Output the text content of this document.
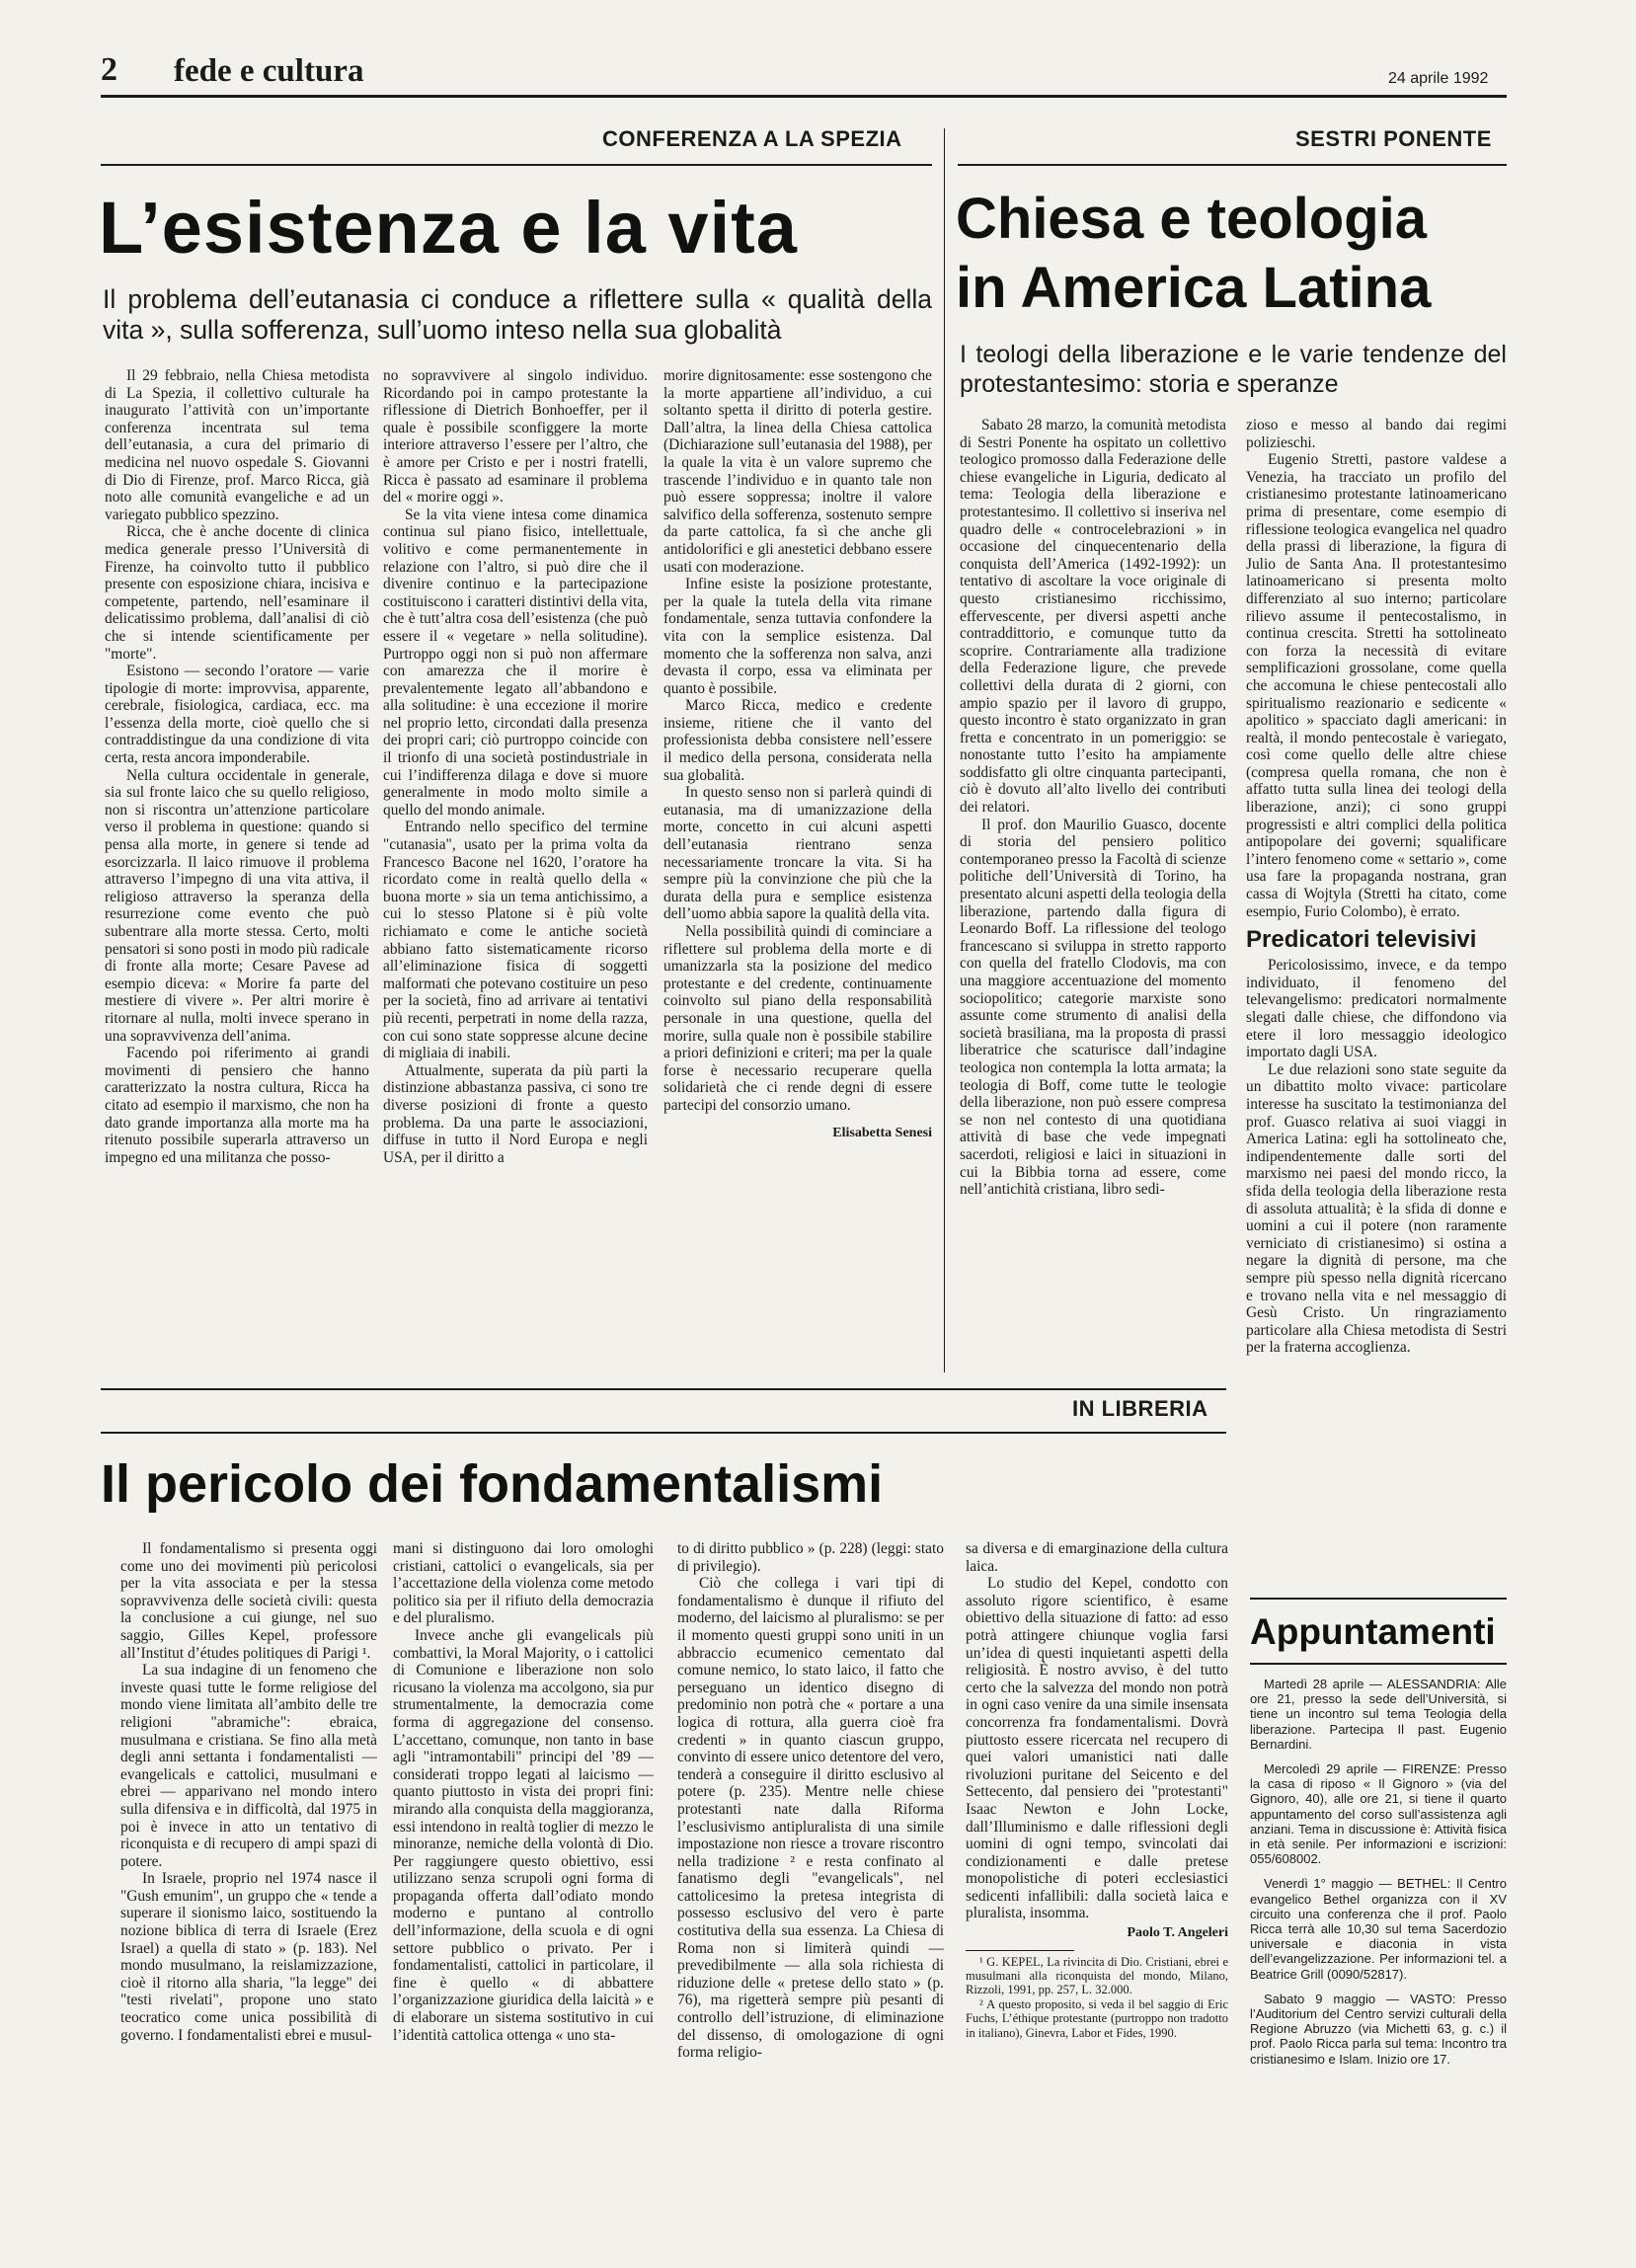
2 fede e cultura	24 aprile 1992
CONFERENZA A LA SPEZIA
L’esistenza e la vita
Il problema dell’eutanasia ci conduce a riflettere sulla « qualità della vita », sulla sofferenza, sull’uomo inteso nella sua globalità

Il 29 febbraio, nella Chiesa metodista di La Spezia, il collettivo culturale ha inaugurato l’attività con un’importante conferenza incentrata sul tema dell’eutanasia, a cura del primario di medicina nel nuovo ospedale S. Giovanni di Dio di Firenze, prof. Marco Ricca, già noto alle comunità evangeliche e ad un variegato pubblico spezzino.

Ricca, che è anche docente di clinica medica generale presso l’Università di Firenze, ha coinvolto tutto il pubblico presente con esposizione chiara, incisiva e competente, partendo, nell’esaminare il delicatissimo problema, dall’analisi di ciò che si intende scientificamente per "morte".

Esistono — secondo l’oratore — varie tipologie di morte: improvvisa, apparente, cerebrale, fisiologica, cardiaca, ecc. ma l’essenza della morte, cioè quello che si contraddistingue da una condizione di vita certa, resta ancora imponderabile.

Nella cultura occidentale in generale, sia sul fronte laico che su quello religioso, non si riscontra un’attenzione particolare verso il problema in questione: quando si pensa alla morte, in genere si tende ad esorcizzarla. Il laico rimuove il problema attraverso l’impegno di una vita attiva, il religioso attraverso la speranza della resurrezione come evento che può subentrare alla morte stessa. Certo, molti pensatori si sono posti in modo più radicale di fronte alla morte; Cesare Pavese ad esempio diceva: « Morire fa parte del mestiere di vivere ». Per altri morire è ritornare al nulla, molti invece sperano in una sopravvivenza dell’anima.

Facendo poi riferimento ai grandi movimenti di pensiero che hanno caratterizzato la nostra cultura, Ricca ha citato ad esempio il marxismo, che non ha dato grande importanza alla morte ma ha ritenuto possibile superarla attraverso un impegno ed una militanza che posso-

no sopravvivere al singolo individuo. Ricordando poi in campo protestante la riflessione di Dietrich Bonhoeffer, per il quale è possibile sconfiggere la morte interiore attraverso l’essere per l’altro, che è amore per Cristo e per i nostri fratelli, Ricca è passato ad esaminare il problema del « morire oggi ».

Se la vita viene intesa come dinamica continua sul piano fisico, intellettuale, volitivo e come permanentemente in relazione con l’altro, si può dire che il divenire continuo e la partecipazione costituiscono i caratteri distintivi della vita, che è tutt’altra cosa dell’esistenza (che può essere il « vegetare » nella solitudine). Purtroppo oggi non si può non affermare con amarezza che il morire è prevalentemente legato all’abbandono e alla solitudine: è una eccezione il morire nel proprio letto, circondati dalla presenza dei propri cari; ciò purtroppo coincide con il trionfo di una società postindustriale in cui l’indifferenza dilaga e dove si muore generalmente in modo molto simile a quello del mondo animale.

Entrando nello specifico del termine "cutanasia", usato per la prima volta da Francesco Bacone nel 1620, l’oratore ha ricordato come in realtà quello della « buona morte » sia un tema antichissimo, a cui lo stesso Platone si è più volte richiamato e come le antiche società abbiano fatto sistematicamente ricorso all’eliminazione fisica di soggetti malformati che potevano costituire un peso per la società, fino ad arrivare ai tentativi più recenti, perpetrati in nome della razza, con cui sono state soppresse alcune decine di migliaia di inabili.

Attualmente, superata da più parti la distinzione abbastanza passiva, ci sono tre diverse posizioni di fronte a questo problema. Da una parte le associazioni, diffuse in tutto il Nord Europa e negli USA, per il diritto a

morire dignitosamente: esse sostengono che la morte appartiene all’individuo, a cui soltanto spetta il diritto di poterla gestire. Dall’altra, la linea della Chiesa cattolica (Dichiarazione sull’eutanasia del 1988), per la quale la vita è un valore supremo che trascende l’individuo e in quanto tale non può essere soppressa; inoltre il valore salvifico della sofferenza, sostenuto sempre da parte cattolica, fa sì che anche gli antidolorifici e gli anestetici debbano essere usati con moderazione.

Infine esiste la posizione protestante, per la quale la tutela della vita rimane fondamentale, senza tuttavia confondere la vita con la semplice esistenza. Dal momento che la sofferenza non salva, anzi devasta il corpo, essa va eliminata per quanto è possibile.

Marco Ricca, medico e credente insieme, ritiene che il vanto del professionista debba consistere nell’essere il medico della persona, considerata nella sua globalità.

In questo senso non si parlerà quindi di eutanasia, ma di umanizzazione della morte, concetto in cui alcuni aspetti dell’eutanasia rientrano senza necessariamente troncare la vita. Si ha sempre più la convinzione che più che la durata della pura e semplice esistenza dell’uomo abbia sapore la qualità della vita.

Nella possibilità quindi di cominciare a riflettere sul problema della morte e di umanizzarla sta la posizione del medico protestante e del credente, continuamente coinvolto sul piano della responsabilità personale in una questione, quella del morire, sulla quale non è possibile stabilire a priori definizioni e criteri; ma per la quale forse è necessario recuperare quella solidarietà che ci rende degni di essere partecipi del consorzio umano.

Elisabetta Senesi

SESTRI PONENTE
Chiesa e teologia
in America Latina
I teologi della liberazione e le varie tendenze del protestantesimo: storia e speranze

Sabato 28 marzo, la comunità metodista di Sestri Ponente ha ospitato un collettivo teologico promosso dalla Federazione delle chiese evangeliche in Liguria, dedicato al tema: Teologia della liberazione e protestantesimo. Il collettivo si inseriva nel quadro delle « controcelebrazioni » in occasione del cinquecentenario della conquista dell’America (1492-1992): un tentativo di ascoltare la voce originale di questo cristianesimo ricchissimo, effervescente, per diversi aspetti anche contraddittorio, e comunque tutto da scoprire. Contrariamente alla tradizione della Federazione ligure, che prevede collettivi della durata di 2 giorni, con ampio spazio per il lavoro di gruppo, questo incontro è stato organizzato in gran fretta e concentrato in un pomeriggio: se nonostante tutto l’esito ha ampiamente soddisfatto gli oltre cinquanta partecipanti, ciò è dovuto all’alto livello dei contributi dei relatori.

Il prof. don Maurilio Guasco, docente di storia del pensiero politico contemporaneo presso la Facoltà di scienze politiche dell’Università di Torino, ha presentato alcuni aspetti della teologia della liberazione, partendo dalla figura di Leonardo Boff. La riflessione del teologo francescano si sviluppa in stretto rapporto con quella del fratello Clodovis, ma con una maggiore accentuazione del momento sociopolitico; categorie marxiste sono assunte come strumento di analisi della società brasiliana, ma la proposta di prassi liberatrice che scaturisce dall’indagine teologica non contempla la lotta armata; la teologia di Boff, come tutte le teologie della liberazione, non può essere compresa se non nel contesto di una quotidiana attività di base che vede impegnati sacerdoti, religiosi e laici in situazioni in cui la Bibbia torna ad essere, come nell’antichità cristiana, libro sedi-

zioso e messo al bando dai regimi polizieschi.

Eugenio Stretti, pastore valdese a Venezia, ha tracciato un profilo del cristianesimo protestante latinoamericano prima di presentare, come esempio di riflessione teologica evangelica nel quadro della prassi di liberazione, la figura di Julio de Santa Ana. Il protestantesimo latinoamericano si presenta molto differenziato al suo interno; particolare rilievo assume il pentecostalismo, in continua crescita. Stretti ha sottolineato con forza la necessità di evitare semplificazioni grossolane, come quella che accomuna le chiese pentecostali allo spiritualismo reazionario e sedicente « apolitico » spacciato dagli americani: in realtà, il mondo pentecostale è variegato, così come quello delle altre chiese (compresa quella romana, che non è affatto tutta sulla linea dei teologi della liberazione, anzi); ci sono gruppi progressisti e altri complici della politica antipopolare dei governi; squalificare l’intero fenomeno come « settario », come usa fare la propaganda nostrana, gran cassa di Wojtyla (Stretti ha citato, come esempio, Furio Colombo), è errato.

Predicatori televisivi

Pericolosissimo, invece, e da tempo individuato, il fenomeno del televangelismo: predicatori normalmente slegati dalle chiese, che diffondono via etere il loro messaggio ideologico importato dagli USA.

Le due relazioni sono state seguite da un dibattito molto vivace: particolare interesse ha suscitato la testimonianza del prof. Guasco relativa ai suoi viaggi in America Latina: egli ha sottolineato che, indipendentemente dalle sorti del marxismo nei paesi del mondo ricco, la sfida della teologia della liberazione resta di assoluta attualità; è la sfida di donne e uomini a cui il potere (non raramente verniciato di cristianesimo) si ostina a negare la dignità di persone, ma che sempre più spesso nella dignità ricercano e trovano nella vita e nel messaggio di Gesù Cristo. Un ringraziamento particolare alla Chiesa metodista di Sestri per la fraterna accoglienza.

IN LIBRERIA
Il pericolo dei fondamentalismi

Il fondamentalismo si presenta oggi come uno dei movimenti più pericolosi per la vita associata e per la stessa sopravvivenza delle società civili: questa la conclusione a cui giunge, nel suo saggio, Gilles Kepel, professore all’Institut d’études politiques di Parigi ¹.

La sua indagine di un fenomeno che investe quasi tutte le forme religiose del mondo viene limitata all’ambito delle tre religioni "abramiche": ebraica, musulmana e cristiana. Se fino alla metà degli anni settanta i fondamentalisti — evangelicals e cattolici, musulmani e ebrei — apparivano nel mondo intero sulla difensiva e in difficoltà, dal 1975 in poi è invece in atto un tentativo di riconquista e di recupero di ampi spazi di potere.

In Israele, proprio nel 1974 nasce il "Gush emunim", un gruppo che « tende a superare il sionismo laico, sostituendo la nozione biblica di terra di Israele (Erez Israel) a quella di stato » (p. 183). Nel mondo musulmano, la reislamizzazione, cioè il ritorno alla sharia, "la legge" dei "testi rivelati", propone uno stato teocratico come unica possibilità di governo. I fondamentalisti ebrei e musul-

mani si distinguono dai loro omologhi cristiani, cattolici o evangelicals, sia per l’accettazione della violenza come metodo politico sia per il rifiuto della democrazia e del pluralismo.

Invece anche gli evangelicals più combattivi, la Moral Majority, o i cattolici di Comunione e liberazione non solo ricusano la violenza ma accolgono, sia pur strumentalmente, la democrazia come forma di aggregazione del consenso. L’accettano, comunque, non tanto in base agli "intramontabili" principi del ’89 — considerati troppo legati al laicismo — quanto piuttosto in vista dei propri fini: mirando alla conquista della maggioranza, essi intendono in realtà toglier di mezzo le minoranze, nemiche della volontà di Dio. Per raggiungere questo obiettivo, essi utilizzano senza scrupoli ogni forma di propaganda offerta dall’odiato mondo moderno e puntano al controllo dell’informazione, della scuola e di ogni settore pubblico o privato. Per i fondamentalisti, cattolici in particolare, il fine è quello « di abbattere l’organizzazione giuridica della laicità » e di elaborare un sistema sostitutivo in cui l’identità cattolica ottenga « uno sta-

to di diritto pubblico » (p. 228) (leggi: stato di privilegio).

Ciò che collega i vari tipi di fondamentalismo è dunque il rifiuto del moderno, del laicismo al pluralismo: se per il momento questi gruppi sono uniti in un abbraccio ecumenico cementato dal comune nemico, lo stato laico, il fatto che perseguano un identico disegno di predominio non potrà che « portare a una logica di rottura, alla guerra cioè fra credenti » in quanto ciascun gruppo, convinto di essere unico detentore del vero, tenderà a conseguire il diritto esclusivo al potere (p. 235). Mentre nelle chiese protestanti nate dalla Riforma l’esclusivismo antipluralista di una simile impostazione non riesce a trovare riscontro nella tradizione ² e resta confinato al fanatismo degli "evangelicals", nel cattolicesimo la pretesa integrista di possesso esclusivo del vero è parte costitutiva della sua essenza. La Chiesa di Roma non si limiterà quindi — prevedibilmente — alla sola richiesta di riduzione delle « pretese dello stato » (p. 76), ma rigetterà sempre più pesanti di controllo dell’istruzione, di eliminazione del dissenso, di omologazione di ogni forma religio-

sa diversa e di emarginazione della cultura laica.

Lo studio del Kepel, condotto con assoluto rigore scientifico, è esame obiettivo della situazione di fatto: ad esso potrà attingere chiunque voglia farsi un’idea di questi inquietanti aspetti della religiosità. È nostro avviso, è del tutto certo che la salvezza del mondo non potrà in ogni caso venire da una simile insensata concorrenza fra fondamentalismi. Dovrà piuttosto essere ricercata nel recupero di quei valori umanistici nati dalle rivoluzioni puritane del Seicento e del Settecento, dal pensiero dei "protestanti" Isaac Newton e John Locke, dall’Illuminismo e dalle riflessioni degli uomini di ogni tempo, svincolati dai condizionamenti e dalle pretese monopolistiche di poteri ecclesiastici sedicenti infallibili: dalla società laica e pluralista, insomma.

Paolo T. Angeleri

¹ G. KEPEL, La rivincita di Dio. Cristiani, ebrei e musulmani alla riconquista del mondo, Milano, Rizzoli, 1991, pp. 257, L. 32.000.

² A questo proposito, si veda il bel saggio di Eric Fuchs, L’éthique protestante (purtroppo non tradotto in italiano), Ginevra, Labor et Fides, 1990.

Appuntamenti

Martedì 28 aprile — ALESSANDRIA: Alle ore 21, presso la sede dell’Università, si tiene un incontro sul tema Teologia della liberazione. Partecipa Il past. Eugenio Bernardini.

Mercoledì 29 aprile — FIRENZE: Presso la casa di riposo « Il Gignoro » (via del Gignoro, 40), alle ore 21, si tiene il quarto appuntamento del corso sull’assistenza agli anziani. Tema in discussione è: Attività fisica in età senile. Per informazioni e iscrizioni: 055/608002.

Venerdì 1° maggio — BETHEL: Il Centro evangelico Bethel organizza con il XV circuito una conferenza che il prof. Paolo Ricca terrà alle 10,30 sul tema Sacerdozio universale e diaconia in vista dell’evangelizzazione. Per informazioni tel. a Beatrice Grill (0090/52817).

Sabato 9 maggio — VASTO: Presso l’Auditorium del Centro servizi culturali della Regione Abruzzo (via Michetti 63, g. c.) il prof. Paolo Ricca parla sul tema: Incontro tra cristianesimo e Islam. Inizio ore 17.
